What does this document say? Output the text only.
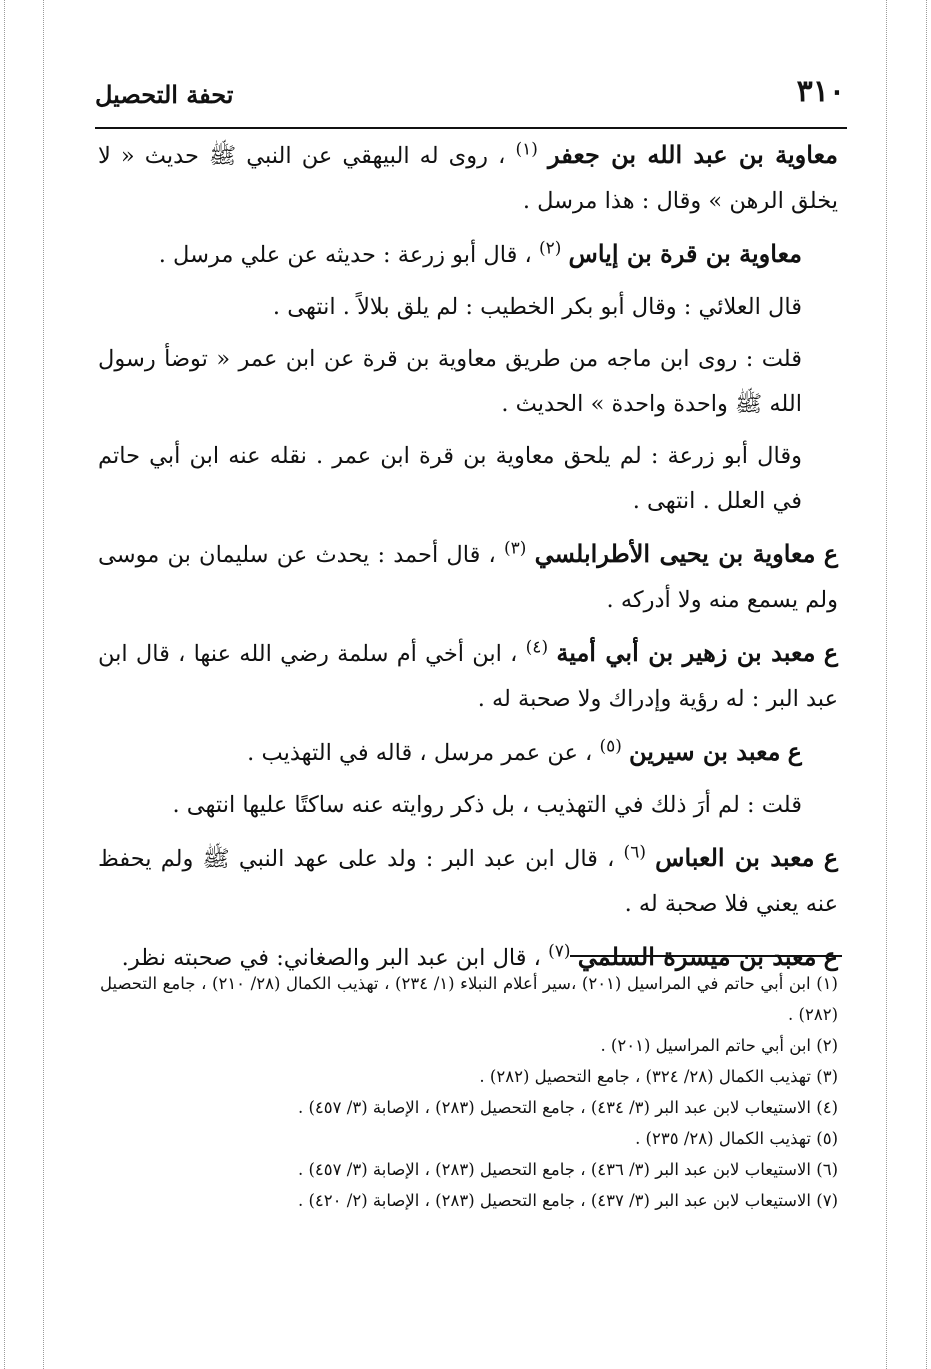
٣١٠
تحفة التحصيل

معاوية بن عبد الله بن جعفر $^{(١)}$ ، روى له البيهقي عن النبي ﷺ حديث « لا يخلق الرهن » وقال : هذا مرسل .

معاوية بن قرة بن إياس $^{(٢)}$ ، قال أبو زرعة : حديثه عن علي مرسل .

قال العلائي : وقال أبو بكر الخطيب : لم يلق بلالاً . انتهى .

قلت : روى ابن ماجه من طريق معاوية بن قرة عن ابن عمر « توضأ رسول الله ﷺ واحدة واحدة » الحديث .

وقال أبو زرعة : لم يلحق معاوية بن قرة ابن عمر . نقله عنه ابن أبي حاتم في العلل . انتهى .

ع معاوية بن يحيى الأطرابلسي $^{(٣)}$ ، قال أحمد : يحدث عن سليمان بن موسى ولم يسمع منه ولا أدركه .

ع معبد بن زهير بن أبي أمية $^{(٤)}$ ، ابن أخي أم سلمة رضي الله عنها ، قال ابن عبد البر : له رؤية وإدراك ولا صحبة له .

ع معبد بن سيرين $^{(٥)}$ ، عن عمر مرسل ، قاله في التهذيب .

قلت : لم أرَ ذلك في التهذيب ، بل ذكر روايته عنه ساكتًا عليها انتهى .

ع معبد بن العباس $^{(٦)}$ ، قال ابن عبد البر : ولد على عهد النبي ﷺ ولم يحفظ عنه يعني فلا صحبة له .

ع معبد بن ميسرة السلمي $^{(٧)}$ ، قال ابن عبد البر والصغاني: في صحبته نظر.

(١) ابن أبي حاتم في المراسيل (٢٠١) ،سير أعلام النبلاء (١/ ٢٣٤) ، تهذيب الكمال (٢٨/ ٢١٠) ، جامع التحصيل (٢٨٢) .

(٢) ابن أبي حاتم المراسيل (٢٠١) .

(٣) تهذيب الكمال (٢٨/ ٣٢٤) ، جامع التحصيل (٢٨٢) .

(٤) الاستيعاب لابن عبد البر (٣/ ٤٣٤) ، جامع التحصيل (٢٨٣) ، الإصابة (٣/ ٤٥٧) .

(٥) تهذيب الكمال (٢٨/ ٢٣٥) .

(٦) الاستيعاب لابن عبد البر (٣/ ٤٣٦) ، جامع التحصيل (٢٨٣) ، الإصابة (٣/ ٤٥٧) .

(٧) الاستيعاب لابن عبد البر (٣/ ٤٣٧) ، جامع التحصيل (٢٨٣) ، الإصابة (٢/ ٤٢٠) .
